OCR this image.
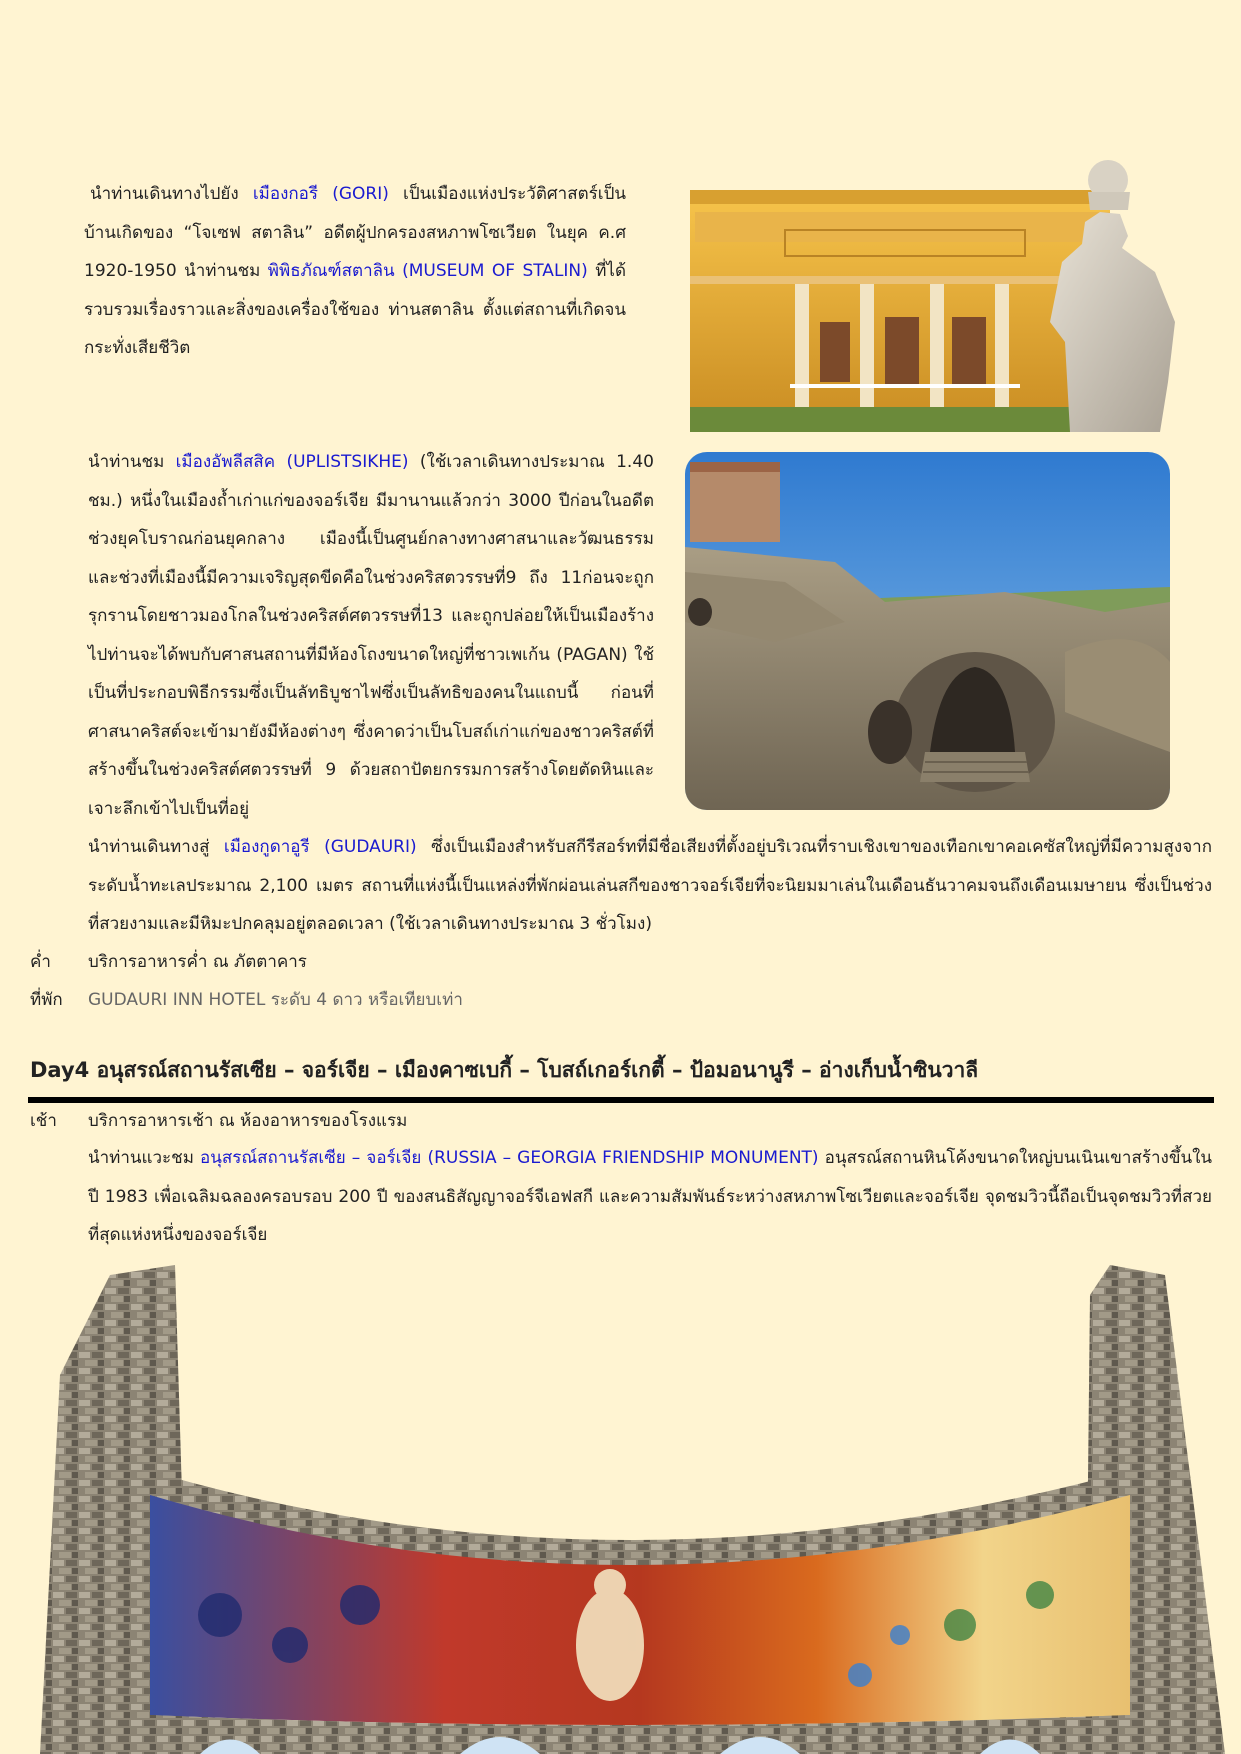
นำท่านเดินทางไปยัง เมืองกอรี (GORI) เป็นเมืองแห่งประวัติศาสตร์เป็นบ้านเกิดของ “โจเซฟ สตาลิน” อดีตผู้ปกครองสหภาพโซเวียต ในยุค ค.ศ 1920-1950 นำท่านชม พิพิธภัณฑ์สตาลิน (MUSEUM OF STALIN) ที่ได้รวบรวมเรื่องราวและสิ่งของเครื่องใช้ของ ท่านสตาลิน ตั้งแต่สถานที่เกิดจนกระทั่งเสียชีวิต
นำท่านชม เมืองอัพลีสสิค (UPLISTSIKHE) (ใช้เวลาเดินทางประมาณ 1.40 ชม.) หนึ่งในเมืองถ้ำเก่าแก่ของจอร์เจีย มีมานานแล้วกว่า 3000 ปีก่อนในอดีตช่วงยุคโบราณก่อนยุคกลาง เมืองนี้เป็นศูนย์กลางทางศาสนาและวัฒนธรรม และช่วงที่เมืองนี้มีความเจริญสุดขีดคือในช่วงคริสตวรรษที่9 ถึง 11ก่อนจะถูกรุกรานโดยชาวมองโกลในช่วงคริสต์ศตวรรษที่13 และถูกปล่อยให้เป็นเมืองร้างไปท่านจะได้พบกับศาสนสถานที่มีห้องโถงขนาดใหญ่ที่ชาวเพเก้น (PAGAN) ใช้เป็นที่ประกอบพิธีกรรมซึ่งเป็นลัทธิบูชาไฟซึ่งเป็นลัทธิของคนในแถบนี้ ก่อนที่ศาสนาคริสต์จะเข้ามายังมีห้องต่างๆ ซึ่งคาดว่าเป็นโบสถ์เก่าแก่ของชาวคริสต์ที่สร้างขึ้นในช่วงคริสต์ศตวรรษที่ 9 ด้วยสถาปัตยกรรมการสร้างโดยตัดหินและเจาะลึกเข้าไปเป็นที่อยู่
นำท่านเดินทางสู่ เมืองกูดาอูรี (GUDAURI) ซึ่งเป็นเมืองสำหรับสกีรีสอร์ทที่มีชื่อเสียงที่ตั้งอยู่บริเวณที่ราบเชิงเขาของเทือกเขาคอเคซัสใหญ่ที่มีความสูงจากระดับน้ำทะเลประมาณ 2,100 เมตร สถานที่แห่งนี้เป็นแหล่งที่พักผ่อนเล่นสกีของชาวจอร์เจียที่จะนิยมมาเล่นในเดือนธันวาคมจนถึงเดือนเมษายน ซึ่งเป็นช่วงที่สวยงามและมีหิมะปกคลุมอยู่ตลอดเวลา (ใช้เวลาเดินทางประมาณ 3 ชั่วโมง)
ค่ำ	บริการอาหารค่ำ ณ ภัตตาคาร
ที่พัก	GUDAURI INN HOTEL ระดับ 4 ดาว หรือเทียบเท่า
Day4 อนุสรณ์สถานรัสเซีย – จอร์เจีย – เมืองคาซเบกี้ – โบสถ์เกอร์เกตี้ – ป้อมอนานูรี – อ่างเก็บน้ำซินวาลี
เช้า	บริการอาหารเช้า ณ ห้องอาหารของโรงแรม
นำท่านแวะชม อนุสรณ์สถานรัสเซีย – จอร์เจีย (RUSSIA – GEORGIA FRIENDSHIP MONUMENT) อนุสรณ์สถานหินโค้งขนาดใหญ่บนเนินเขาสร้างขึ้นในปี 1983 เพื่อเฉลิมฉลองครอบรอบ 200 ปี ของสนธิสัญญาจอร์จีเอฟสกี และความสัมพันธ์ระหว่างสหภาพโซเวียตและจอร์เจีย จุดชมวิวนี้ถือเป็นจุดชมวิวที่สวยที่สุดแห่งหนึ่งของจอร์เจีย
